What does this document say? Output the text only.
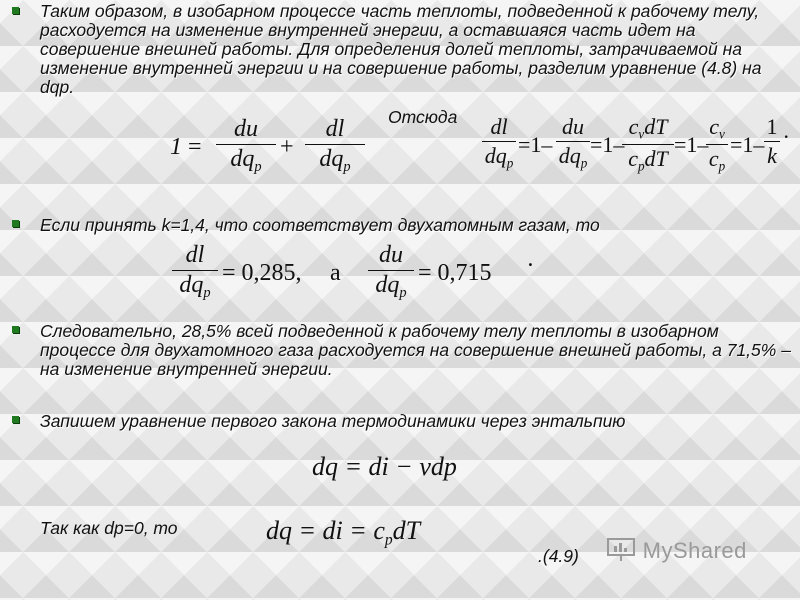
Таким образом, в изобарном процессе часть теплоты, подведенной к рабочему телу, расходуется на изменение внутренней энергии, а оставшаяся часть идет на совершение внешней работы. Для определения долей теплоты, затрачиваемой на изменение внутренней энергии и на совершение работы, разделим уравнение (4.8) на dqр.
Отсюда
1 =
du
$dq_p$
+
dl
$dq_p$
dl
$dq_p$
=1–
du
$dq_p$
=1–
$c_vdT$
$c_pdT$
=1–
$c_v$
$c_p$
=1–
1
k
.
Если принять k=1,4, что соответствует двухатомным газам, то
dl
$dq_p$
= 0,285, a
du
$dq_p$
= 0,715
.
Следовательно, 28,5% всей подведенной к рабочему телу теплоты в изобарном процессе для двухатомного газа расходуется на совершение внешней работы, а 71,5% – на изменение внутренней энергии.
Запишем уравнение первого закона термодинамики через энтальпию
dq = di − vdp
Так как dp=0, то	dq = di = $c_pdT$
.(4.9)	MyShared
